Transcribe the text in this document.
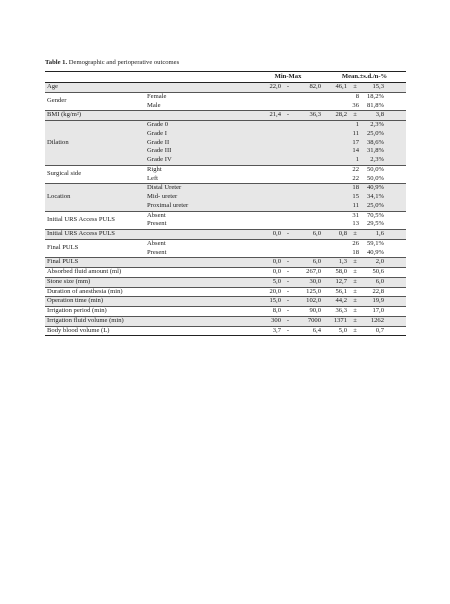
Table 1. Demographic and perioperative outcomes
		Min-Max			Mean.±s.d./n-%			
Age		22,0	-	82,0	46,1	±	15,3	
Gender	Female				8		18,2%	
	Male				36		81,8%	
BMI (kg/m²)		21,4	-	36,3	28,2	±	3,8	
Dilation	Grade 0				1		2,3%	
	Grade I				11		25,0%	
	Grade II				17		38,6%	
	Grade III				14		31,8%	
	Grade IV				1		2,3%	
Surgical side	Right				22		50,0%	
	Left				22		50,0%	
Location	Distal Ureter				18		40,9%	
	Mid- ureter				15		34,1%	
	Proximal ureter				11		25,0%	
Initial URS Access PULS	Absent				31		70,5%	
	Present				13		29,5%	
Initial URS Access PULS		0,0	-	6,0	0,8	±	1,6	
Final PULS	Absent				26		59,1%	
	Present				18		40,9%	
Final PULS		0,0	-	6,0	1,3	±	2,0	
Absorbed fluid amount (ml)		0,0	-	267,0	58,0	±	50,6	
Stone size (mm)		5,0	-	30,0	12,7	±	6,0	
Duration of anesthesia (min)		20,0	-	125,0	56,1	±	22,8	
Operation time (min)		15,0	-	102,0	44,2	±	19,9	
Irrigation period (min)		8,0	-	90,0	36,3	±	17,0	
Irrigation fluid volume (min)		300	-	7000	1371	±	1262	
Body blood volume (L)		3,7	-	6,4	5,0	±	0,7	
